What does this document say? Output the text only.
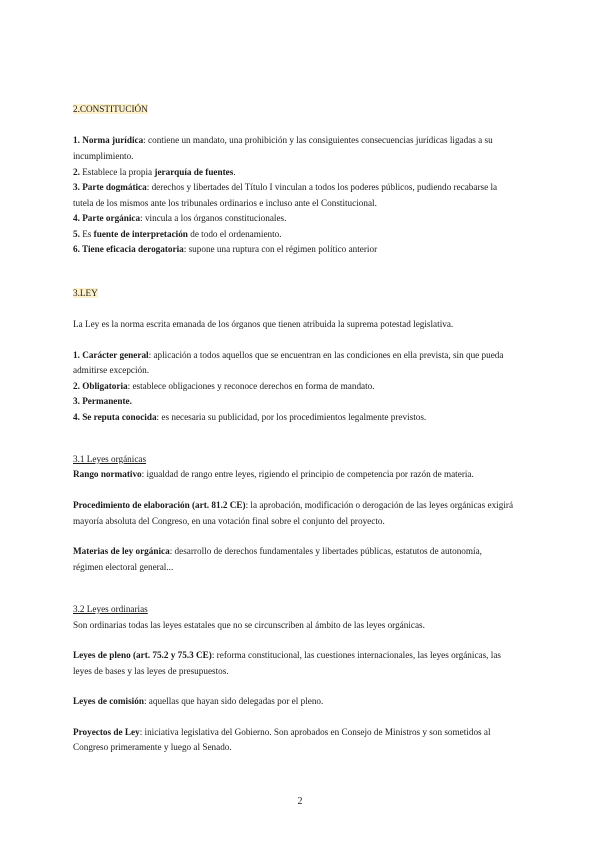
2.CONSTITUCIÓN
1. Norma jurídica: contiene un mandato, una prohibición y las consiguientes consecuencias jurídicas ligadas a su
incumplimiento.
2. Establece la propia jerarquía de fuentes.
3. Parte dogmática: derechos y libertades del Título I vinculan a todos los poderes públicos, pudiendo recabarse la
tutela de los mismos ante los tribunales ordinarios e incluso ante el Constitucional.
4. Parte orgánica: vincula a los órganos constitucionales.
5. Es fuente de interpretación de todo el ordenamiento.
6. Tiene eficacia derogatoria: supone una ruptura con el régimen político anterior
3.LEY
La Ley es la norma escrita emanada de los órganos que tienen atribuida la suprema potestad legislativa.
1. Carácter general: aplicación a todos aquellos que se encuentran en las condiciones en ella prevista, sin que pueda
admitirse excepción.
2. Obligatoria: establece obligaciones y reconoce derechos en forma de mandato.
3. Permanente.
4. Se reputa conocida: es necesaria su publicidad, por los procedimientos legalmente previstos.
3.1 Leyes orgánicas
Rango normativo: igualdad de rango entre leyes, rigiendo el principio de competencia por razón de materia.
Procedimiento de elaboración (art. 81.2 CE): la aprobación, modificación o derogación de las leyes orgánicas exigirá
mayoría absoluta del Congreso, en una votación final sobre el conjunto del proyecto.
Materias de ley orgánica: desarrollo de derechos fundamentales y libertades públicas, estatutos de autonomía,
régimen electoral general...
3.2 Leyes ordinarias
Son ordinarias todas las leyes estatales que no se circunscriben al ámbito de las leyes orgánicas.
Leyes de pleno (art. 75.2 y 75.3 CE): reforma constitucional, las cuestiones internacionales, las leyes orgánicas, las
leyes de bases y las leyes de presupuestos.
Leyes de comisión: aquellas que hayan sido delegadas por el pleno.
Proyectos de Ley: iniciativa legislativa del Gobierno. Son aprobados en Consejo de Ministros y son sometidos al
Congreso primeramente y luego al Senado.
2
